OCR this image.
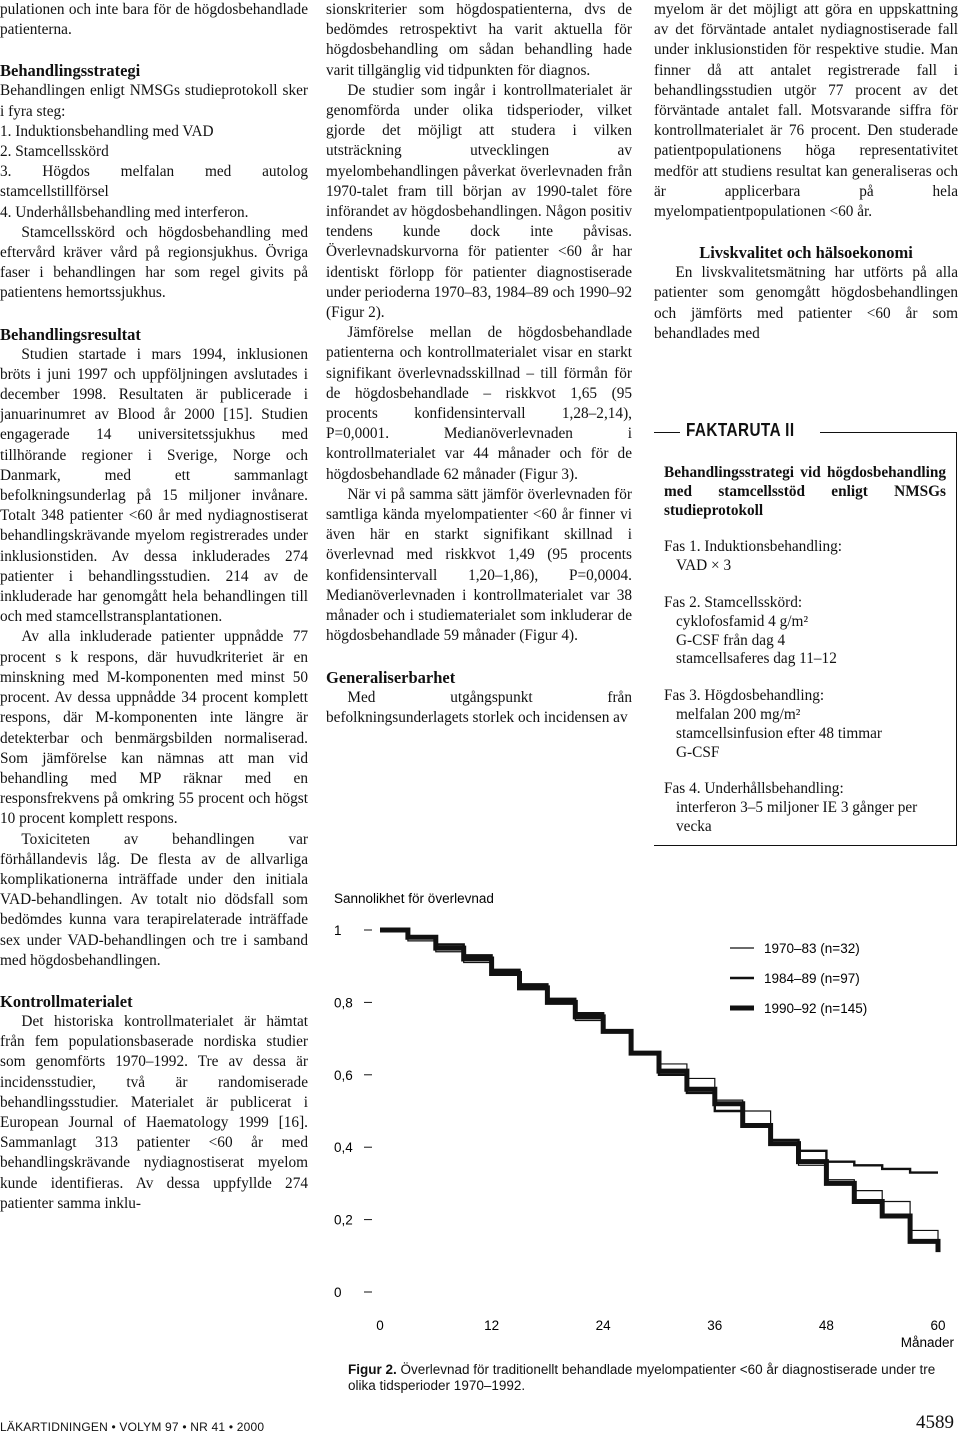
pulationen och inte bara för de högdosbehandlade patienterna.

Behandlingsstrategi

Behandlingen enligt NMSGs studieprotokoll sker i fyra steg:

1. Induktionsbehandling med VAD
2. Stamcellsskörd
3. Högdos melfalan med autolog stamcellstillförsel
4. Underhållsbehandling med interferon.

Stamcellsskörd och högdosbehandling med eftervård kräver vård på regionsjukhus. Övriga faser i behandlingen har som regel givits på patientens hemortssjukhus.

Behandlingsresultat

Studien startade i mars 1994, inklusionen bröts i juni 1997 och uppföljningen avslutades i december 1998. Resultaten är publicerade i januarinumret av Blood år 2000 [15]. Studien engagerade 14 universitetssjukhus med tillhörande regioner i Sverige, Norge och Danmark, med ett sammanlagt befolkningsunderlag på 15 miljoner invånare. Totalt 348 patienter <60 år med nydiagnostiserat behandlingskrävande myelom registrerades under inklusionstiden. Av dessa inkluderades 274 patienter i behandlingsstudien. 214 av de inkluderade har genomgått hela behandlingen till och med stamcellstransplantationen.

Av alla inkluderade patienter uppnådde 77 procent s k respons, där huvudkriteriet är en minskning med M-komponenten med minst 50 procent. Av dessa uppnådde 34 procent komplett respons, där M-komponenten inte längre är detekterbar och benmärgsbilden normaliserad. Som jämförelse kan nämnas att man vid behandling med MP räknar med en responsfrekvens på omkring 55 procent och högst 10 procent komplett respons.

Toxiciteten av behandlingen var förhållandevis låg. De flesta av de allvarliga komplikationerna inträffade under den initiala VAD-behandlingen. Av totalt nio dödsfall som bedömdes kunna vara terapirelaterade inträffade sex under VAD-behandlingen och tre i samband med högdosbehandlingen.

Kontrollmaterialet

Det historiska kontrollmaterialet är hämtat från fem populationsbaserade nordiska studier som genomförts 1970–1992. Tre av dessa är incidensstudier, två är randomiserade behandlingsstudier. Materialet är publicerat i European Journal of Haematology 1999 [16]. Sammanlagt 313 patienter <60 år med behandlingskrävande nydiagnostiserat myelom kunde identifieras. Av dessa uppfyllde 274 patienter samma inklu-

sionskriterier som högdospatienterna, dvs de bedömdes retrospektivt ha varit aktuella för högdosbehandling om sådan behandling hade varit tillgänglig vid tidpunkten för diagnos.

De studier som ingår i kontrollmaterialet är genomförda under olika tidsperioder, vilket gjorde det möjligt att studera i vilken utsträckning utvecklingen av myelombehandlingen påverkat överlevnaden från 1970-talet fram till början av 1990-talet före införandet av högdosbehandlingen. Någon positiv tendens kunde dock inte påvisas. Överlevnadskurvorna för patienter <60 år har identiskt förlopp för patienter diagnostiserade under perioderna 1970–83, 1984–89 och 1990–92 (Figur 2).

Jämförelse mellan de högdosbehandlade patienterna och kontrollmaterialet visar en starkt signifikant överlevnadsskillnad – till förmån för de högdosbehandlade – riskkvot 1,65 (95 procents konfidensintervall 1,28–2,14), P=0,0001. Medianöverlevnaden i kontrollmaterialet var 44 månader och för de högdosbehandlade 62 månader (Figur 3).

När vi på samma sätt jämför överlevnaden för samtliga kända myelompatienter <60 år finner vi även här en starkt signifikant skillnad i överlevnad med riskkvot 1,49 (95 procents konfidensintervall 1,20–1,86), P=0,0004. Medianöverlevnaden i kontrollmaterialet var 38 månader och i studiematerialet som inkluderar de högdosbehandlade 59 månader (Figur 4).

Generaliserbarhet

Med utgångspunkt från befolkningsunderlagets storlek och incidensen av

myelom är det möjligt att göra en uppskattning av det förväntade antalet nydiagnostiserade fall under inklusionstiden för respektive studie. Man finner då att antalet registrerade fall i behandlingsstudien utgör 77 procent av det förväntade antalet fall. Motsvarande siffra för kontrollmaterialet är 76 procent. Den studerade patientpopulationens höga representativitet medför att studiens resultat kan generaliseras och är applicerbara på hela myelompatientpopulationen <60 år.

Livskvalitet och hälsoekonomi

En livskvalitetsmätning har utförts på alla patienter som genomgått högdosbehandlingen och jämförts med patienter <60 år som behandlades med

FAKTARUTA II
Behandlingsstrategi vid högdosbehandling med stamcellsstöd enligt NMSGs studieprotokoll
Fas 1. Induktionsbehandling:
VAD × 3
Fas 2. Stamcellsskörd:
cyklofosfamid 4 g/m²
G-CSF från dag 4
stamcellsaferes dag 11–12
Fas 3. Högdosbehandling:
melfalan 200 mg/m²
stamcellsinfusion efter 48 timmar
G-CSF
Fas 4. Underhållsbehandling:
interferon 3–5 miljoner IE 3 gånger per vecka
Sannolikhet för överlevnad
Månader
0
0,2
0,4
0,6
0,8
1
0	12	24	36	48	60
1970–83 (n=32)
1984–89 (n=97)
1990–92 (n=145)
Figur 2. Överlevnad för traditionellt behandlade myelompatienter <60 år diagnostiserade under tre olika tidsperioder 1970–1992.
LÄKARTIDNINGEN • VOLYM 97 • NR 41 • 2000	4589
